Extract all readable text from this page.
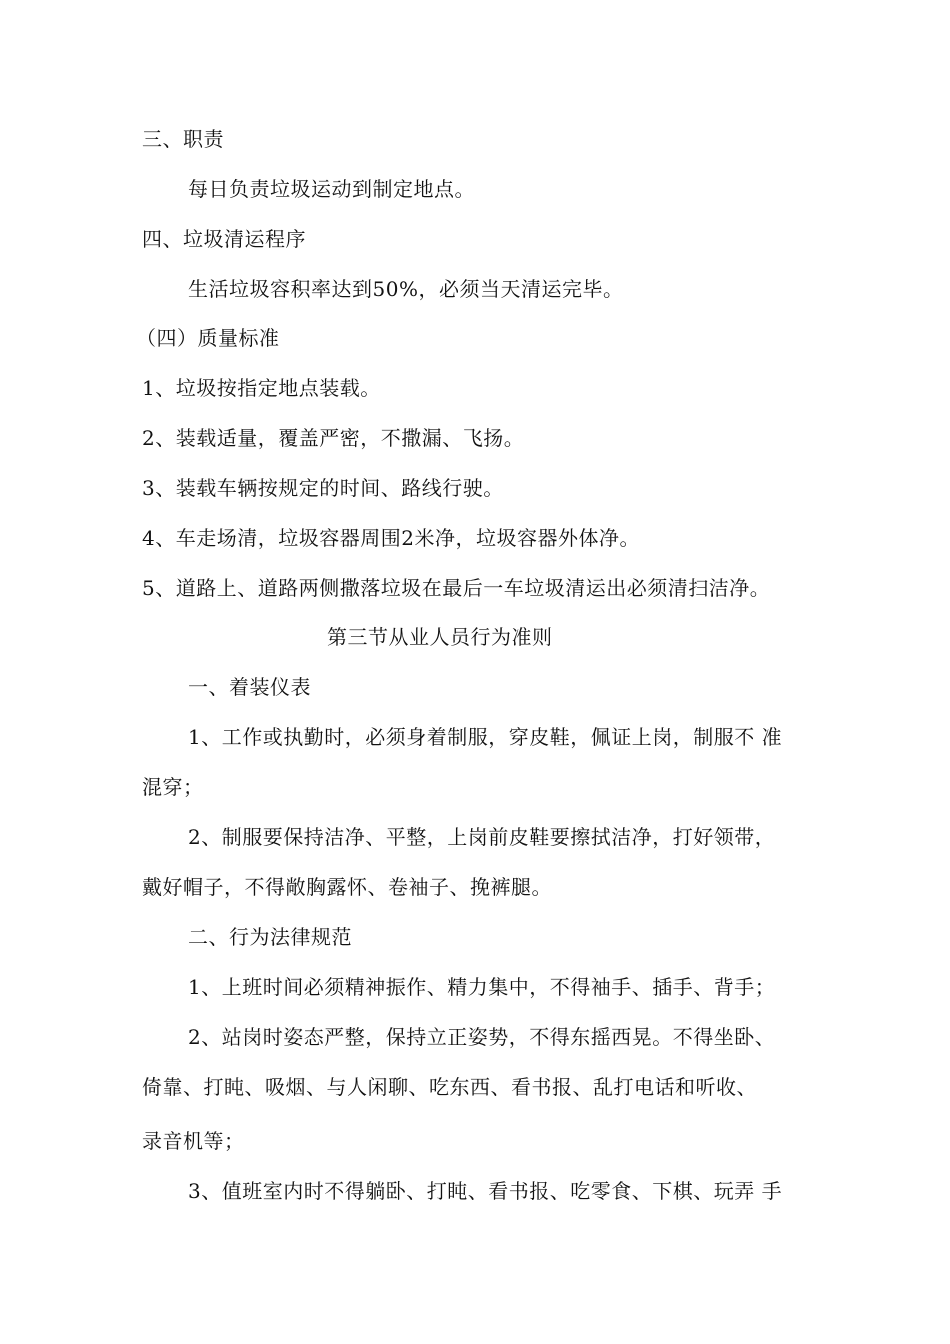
三、职责
每日负责垃圾运动到制定地点。
四、垃圾清运程序
生活垃圾容积率达到50%，必须当天清运完毕。
（四）质量标准
1、垃圾按指定地点装载。
2、装载适量，覆盖严密，不撒漏、飞扬。
3、装载车辆按规定的时间、路线行驶。
4、车走场清，垃圾容器周围2米净，垃圾容器外体净。
5、道路上、道路两侧撒落垃圾在最后一车垃圾清运出必须清扫洁净。
第三节从业人员行为准则
一、着装仪表
1、工作或执勤时，必须身着制服，穿皮鞋，佩证上岗，制服不 准
混穿；
2、制服要保持洁净、平整，上岗前皮鞋要擦拭洁净，打好领带，
戴好帽子，不得敞胸露怀、卷袖子、挽裤腿。
二、行为法律规范
1、上班时间必须精神振作、精力集中，不得袖手、插手、背手；
2、站岗时姿态严整，保持立正姿势，不得东摇西晃。不得坐卧、
倚靠、打盹、吸烟、与人闲聊、吃东西、看书报、乱打电话和听收、
录音机等；
3、值班室内时不得躺卧、打盹、看书报、吃零食、下棋、玩弄 手
